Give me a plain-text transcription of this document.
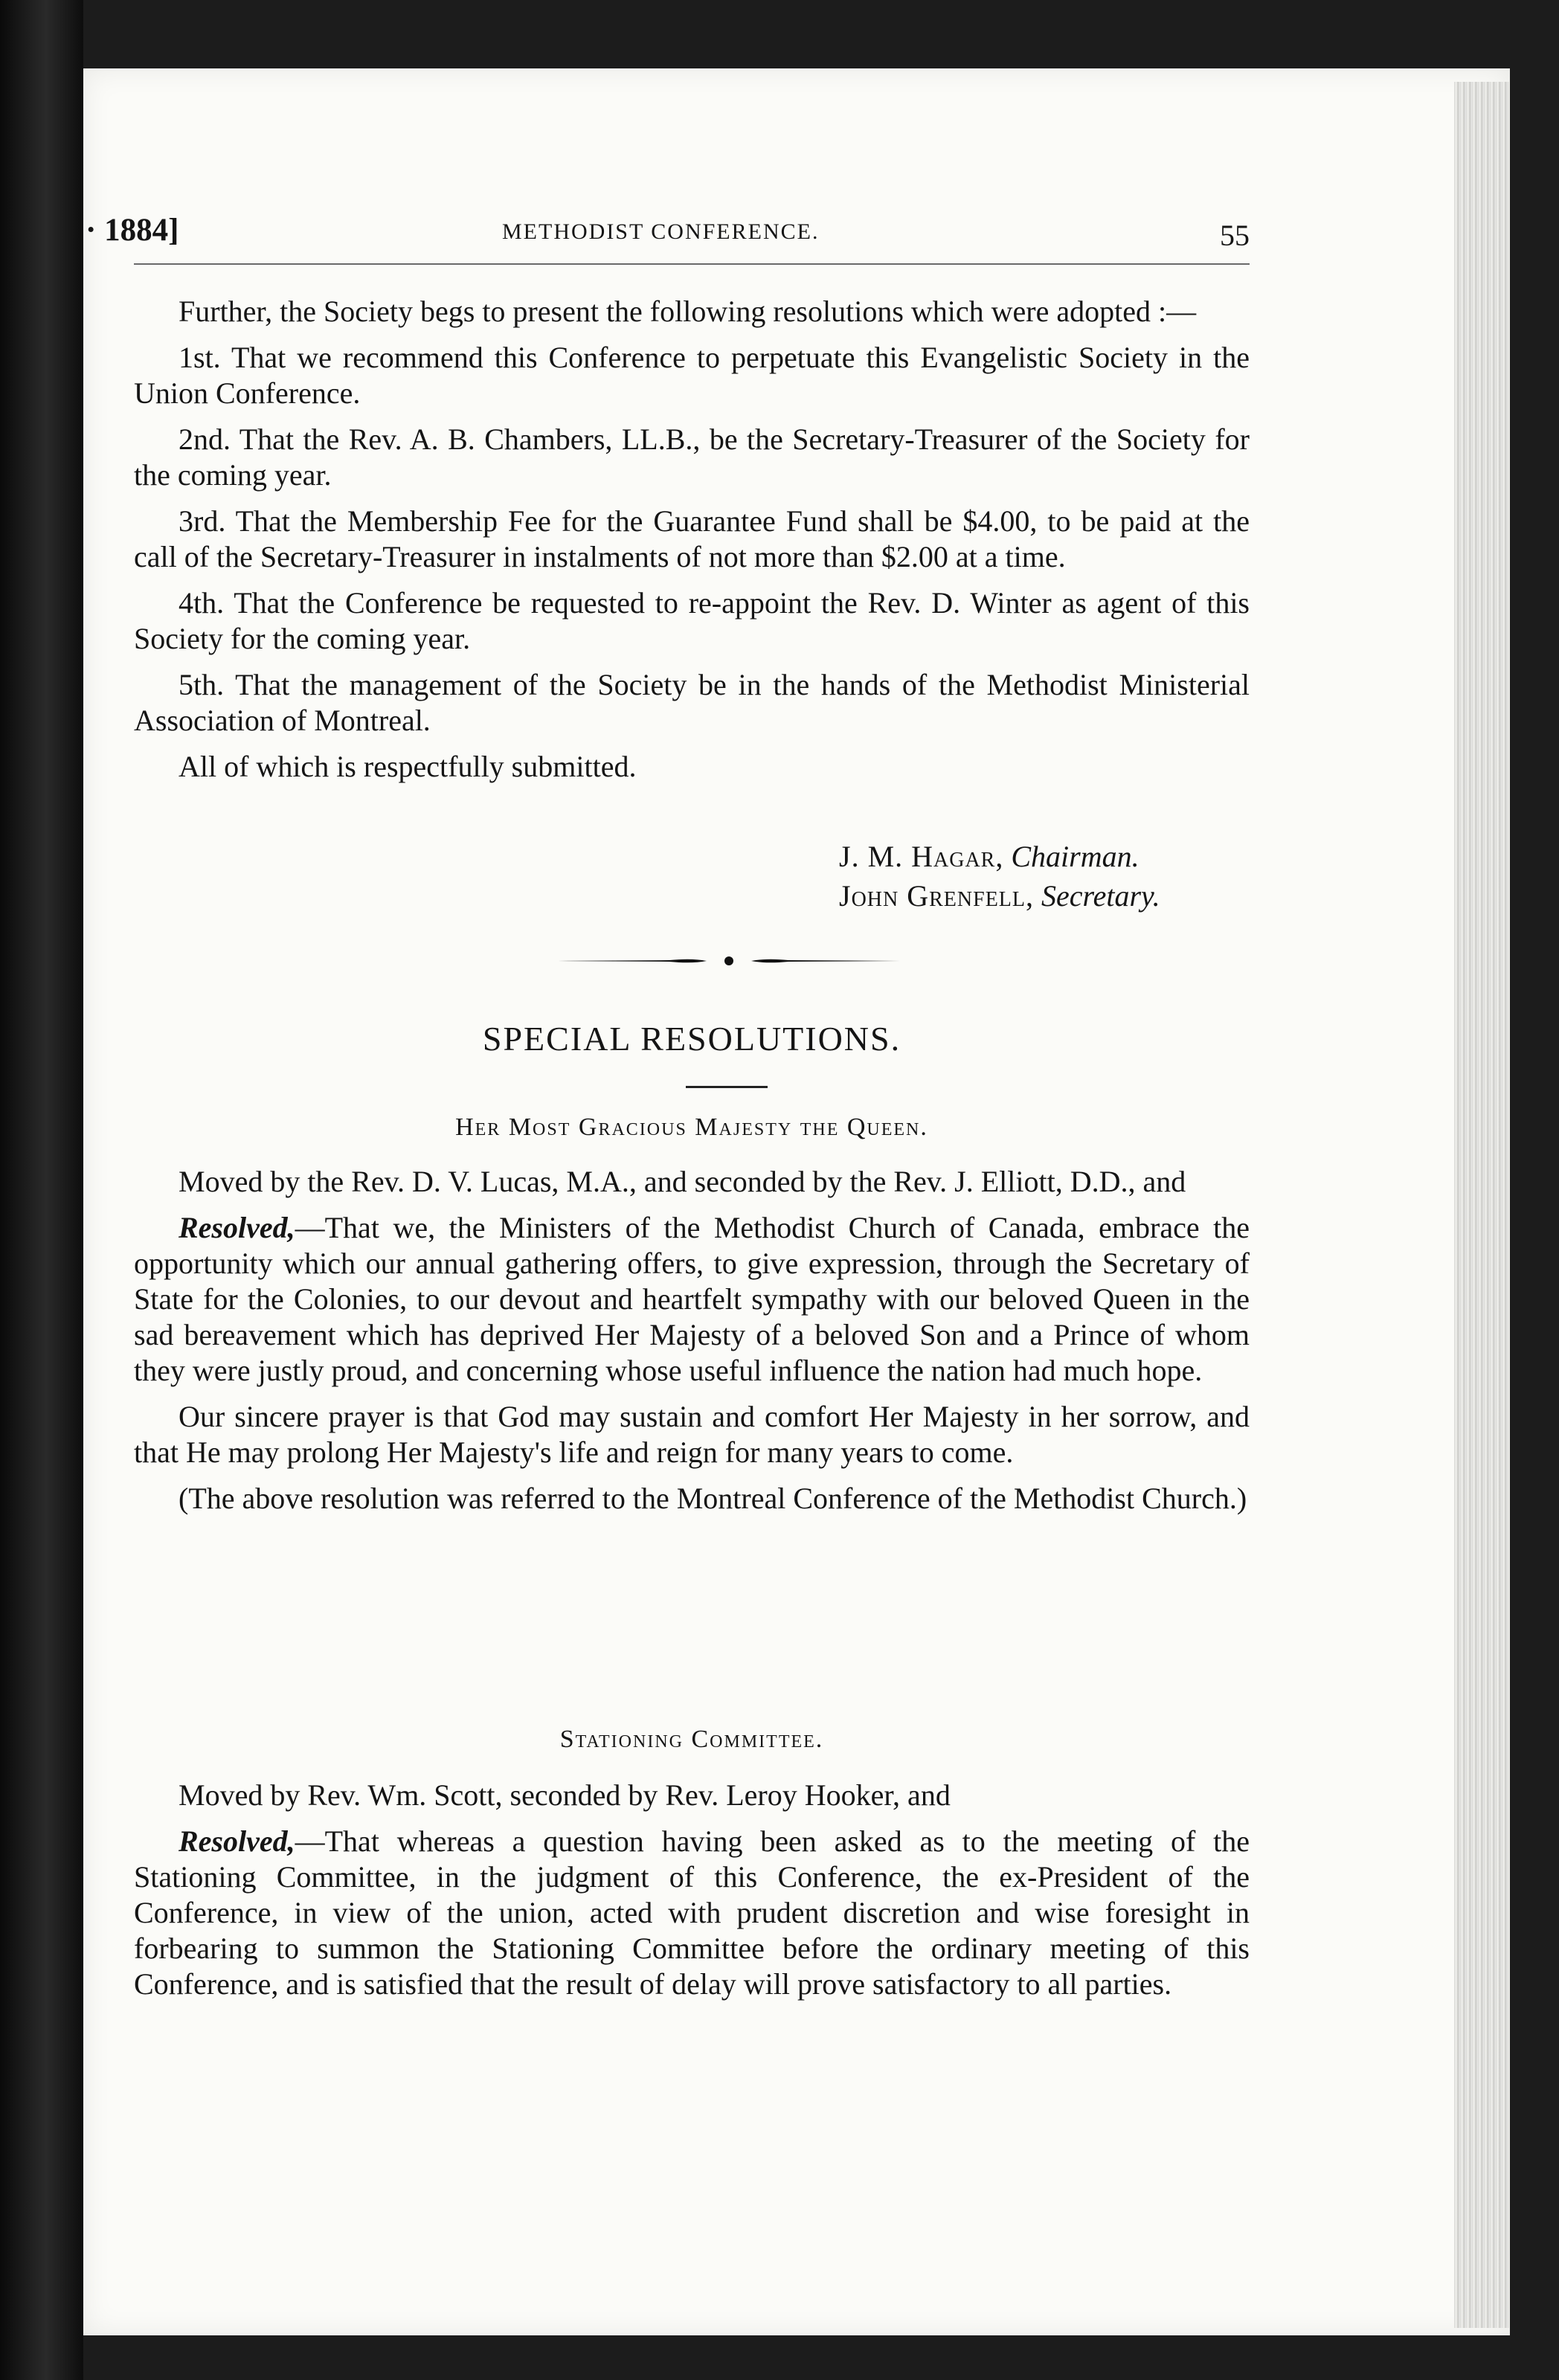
· 1884]	METHODIST CONFERENCE.	55

Further, the Society begs to present the following resolutions which were adopted :—

1st. That we recommend this Conference to perpetuate this Evangelistic Society in the Union Conference.

2nd. That the Rev. A. B. Chambers, LL.B., be the Secretary-Treasurer of the Society for the coming year.

3rd. That the Membership Fee for the Guarantee Fund shall be $4.00, to be paid at the call of the Secretary-Treasurer in instalments of not more than $2.00 at a time.

4th. That the Conference be requested to re-appoint the Rev. D. Winter as agent of this Society for the coming year.

5th. That the management of the Society be in the hands of the Methodist Ministerial Association of Montreal.

All of which is respectfully submitted.

J. M. Hagar, Chairman.
John Grenfell, Secretary.
SPECIAL RESOLUTIONS.
Her Most Gracious Majesty the Queen.

Moved by the Rev. D. V. Lucas, M.A., and seconded by the Rev. J. Elliott, D.D., and

Resolved,—That we, the Ministers of the Methodist Church of Canada, embrace the opportunity which our annual gathering offers, to give expression, through the Secretary of State for the Colonies, to our devout and heartfelt sympathy with our beloved Queen in the sad bereavement which has deprived Her Majesty of a beloved Son and a Prince of whom they were justly proud, and concerning whose useful influence the nation had much hope.

Our sincere prayer is that God may sustain and comfort Her Majesty in her sorrow, and that He may prolong Her Majesty's life and reign for many years to come.

(The above resolution was referred to the Montreal Conference of the Methodist Church.)

Stationing Committee.

Moved by Rev. Wm. Scott, seconded by Rev. Leroy Hooker, and

Resolved,—That whereas a question having been asked as to the meeting of the Stationing Committee, in the judgment of this Conference, the ex-President of the Conference, in view of the union, acted with prudent discretion and wise foresight in forbearing to summon the Stationing Committee before the ordinary meeting of this Conference, and is satisfied that the result of delay will prove satisfactory to all parties.
